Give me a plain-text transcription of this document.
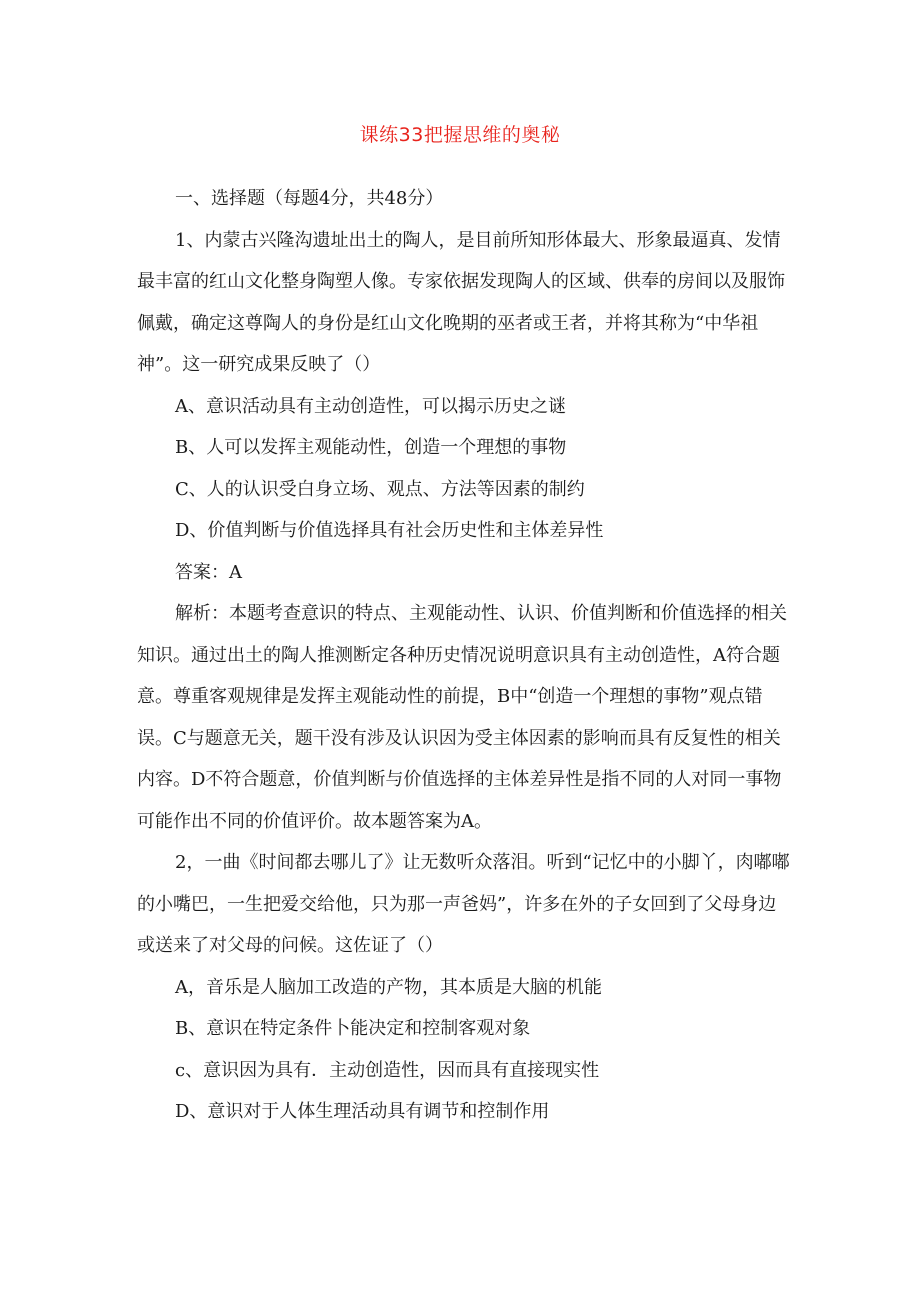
课练33把握思维的奥秘

一、选择题（每题4分，共48分）

1、内蒙古兴隆沟遗址出土的陶人，是目前所知形体最大、形象最逼真、发情最丰富的红山文化整身陶塑人像。专家依据发现陶人的区域、供奉的房间以及服饰佩戴，确定这尊陶人的身份是红山文化晚期的巫者或王者，并将其称为“中华祖神”。这一研究成果反映了（）

A、意识活动具有主动创造性，可以揭示历史之谜

B、人可以发挥主观能动性，创造一个理想的事物

C、人的认识受白身立场、观点、方法等因素的制约

D、价值判断与价值选择具有社会历史性和主体差异性

答案：A

解析：本题考查意识的特点、主观能动性、认识、价值判断和价值选择的相关知识。通过出土的陶人推测断定各种历史情况说明意识具有主动创造性，A符合题意。尊重客观规律是发挥主观能动性的前提，B中“创造一个理想的事物”观点错误。C与题意无关，题干没有涉及认识因为受主体因素的影响而具有反复性的相关内容。D不符合题意，价值判断与价值选择的主体差异性是指不同的人对同一事物可能作出不同的价值评价。故本题答案为A。

2，一曲《时间都去哪儿了》让无数听众落泪。听到“记忆中的小脚丫，肉嘟嘟的小嘴巴，一生把爱交给他，只为那一声爸妈”，许多在外的子女回到了父母身边或送来了对父母的问候。这佐证了（）

A，音乐是人脑加工改造的产物，其本质是大脑的机能

B、意识在特定条件卜能决定和控制客观对象

c、意识因为具有．主动创造性，因而具有直接现实性

D、意识对于人体生理活动具有调节和控制作用
